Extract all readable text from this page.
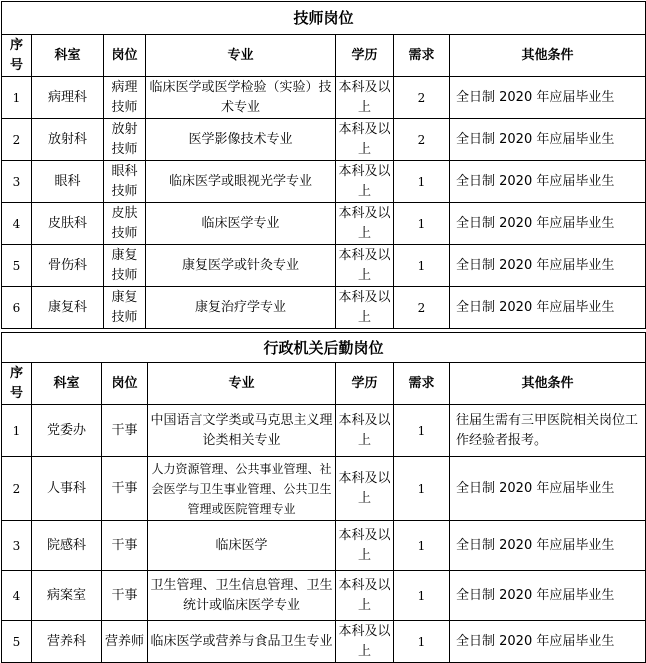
技师岗位						
序号	科室	岗位	专业	学历	需求	其他条件
1	病理科	病理技师	临床医学或医学检验（实验）技术专业	本科及以上	2	全日制 2020 年应届毕业生
2	放射科	放射技师	医学影像技术专业	本科及以上	2	全日制 2020 年应届毕业生
3	眼科	眼科技师	临床医学或眼视光学专业	本科及以上	1	全日制 2020 年应届毕业生
4	皮肤科	皮肤技师	临床医学专业	本科及以上	1	全日制 2020 年应届毕业生
5	骨伤科	康复技师	康复医学或针灸专业	本科及以上	1	全日制 2020 年应届毕业生
6	康复科	康复技师	康复治疗学专业	本科及以上	2	全日制 2020 年应届毕业生
行政机关后勤岗位						
序号	科室	岗位	专业	学历	需求	其他条件
1	党委办	干事	中国语言文学类或马克思主义理论类相关专业	本科及以上	1	往届生需有三甲医院相关岗位工作经验者报考。
2	人事科	干事	人力资源管理、公共事业管理、社会医学与卫生事业管理、公共卫生管理或医院管理专业	本科及以上	1	全日制 2020 年应届毕业生
3	院感科	干事	临床医学	本科及以上	1	全日制 2020 年应届毕业生
4	病案室	干事	卫生管理、卫生信息管理、卫生统计或临床医学专业	本科及以上	1	全日制 2020 年应届毕业生
5	营养科	营养师	临床医学或营养与食品卫生专业	本科及以上	1	全日制 2020 年应届毕业生
